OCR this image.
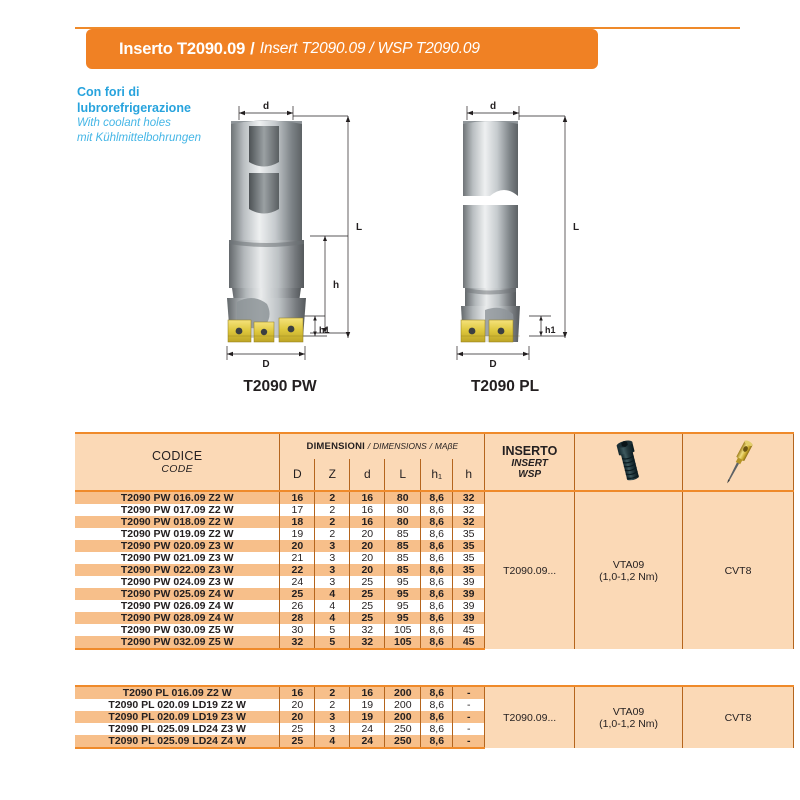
Inserto T2090.09 / Insert T2090.09 / WSP T2090.09
Con fori di
lubrorefrigerazione
With coolant holes
mit Kühlmittelbohrungen
d
L
h
h1
D
T2090 PW
d
L
h1
D
T2090 PL
CODICE
CODE
	DIMENSIONI / DIMENSIONS / MAβE	INSERTO
INSERT
WSP

	D	Z	d	L	h₁	h			
T2090 PW 016.09 Z2 W	16	2	16	80	8,6	32	T2090.09...	VTA09
(1,0-1,2 Nm)	CVT8

T2090 PW 017.09 Z2 W	17	2	16	80	8,6	32			
T2090 PW 018.09 Z2 W	18	2	16	80	8,6	32			
T2090 PW 019.09 Z2 W	19	2	20	85	8,6	35			
T2090 PW 020.09 Z3 W	20	3	20	85	8,6	35			
T2090 PW 021.09 Z3 W	21	3	20	85	8,6	35			
T2090 PW 022.09 Z3 W	22	3	20	85	8,6	35			
T2090 PW 024.09 Z3 W	24	3	25	95	8,6	39			
T2090 PW 025.09 Z4 W	25	4	25	95	8,6	39			
T2090 PW 026.09 Z4 W	26	4	25	95	8,6	39			
T2090 PW 028.09 Z4 W	28	4	25	95	8,6	39			
T2090 PW 030.09 Z5 W	30	5	32	105	8,6	45			
T2090 PW 032.09 Z5 W	32	5	32	105	8,6	45			
T2090 PL 016.09 Z2 W	16	2	16	200	8,6	-	T2090.09...	VTA09
(1,0-1,2 Nm)	CVT8

T2090 PL 020.09 LD19 Z2 W	20	2	19	200	8,6	-			
T2090 PL 020.09 LD19 Z3 W	20	3	19	200	8,6	-			
T2090 PL 025.09 LD24 Z3 W	25	3	24	250	8,6	-			
T2090 PL 025.09 LD24 Z4 W	25	4	24	250	8,6	-			
